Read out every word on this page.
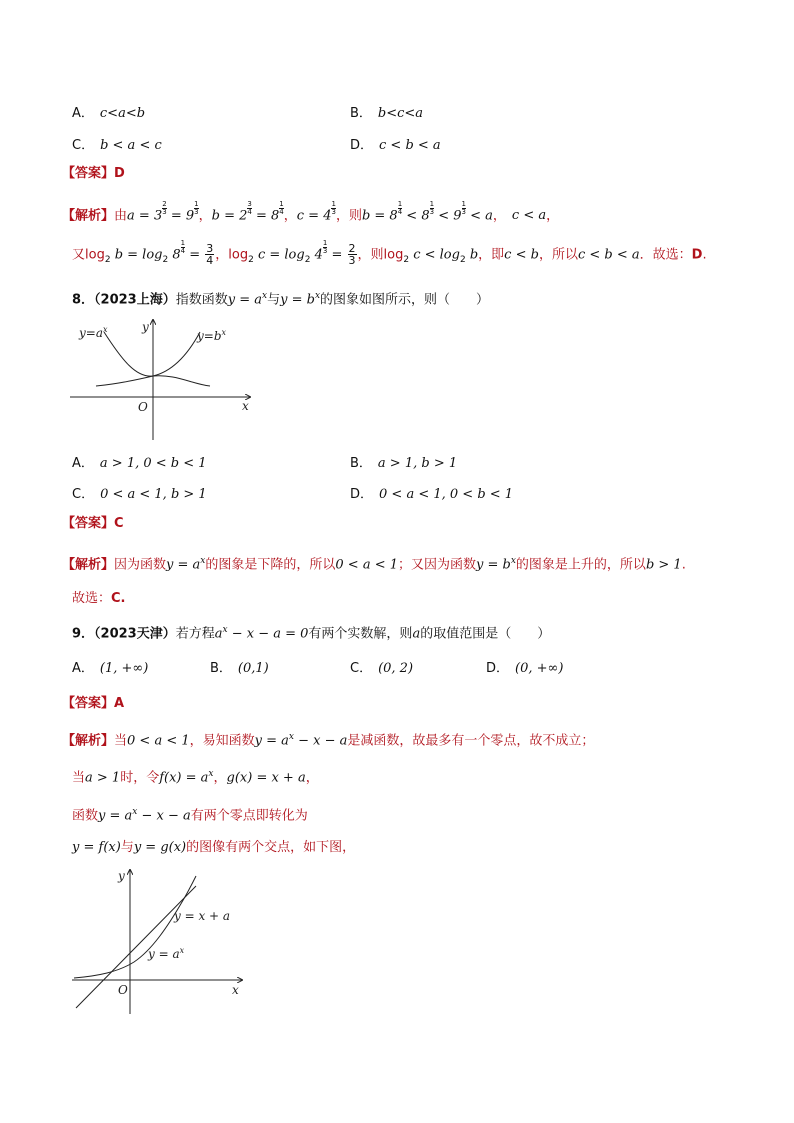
A． c<a<b	B． b<c<a
C． b < a < c	D． c < b < a
【答案】D
【解析】由$a = 3 \frac{2}{3} = 9 \frac{1}{3}$ ，$b = 2 \frac{3}{4} = 8 \frac{1}{4}$ ，$c = 4 \frac{1}{3}$ ，则$b = 8 \frac{1}{4} < 8 \frac{1}{3} < 9 \frac{1}{3} < a$， c < a，
又$\log_2 b = \log_2 8 \frac{1}{4} = \frac{3}{4}$ ，$\log_2 c = \log_2 4 \frac{1}{3} = \frac{2}{3}$ ，则$\log_2 c < \log_2 b$，即c < b，所以c < b < a．故选：D.
8．（2023上海）指数函数$y = a^x$与$y = b^x$的图象如图所示，则（　　）
$y=a^x$	$y=b^x$
y
x
O
A． a > 1, 0 < b < 1	B． a > 1, b > 1
C． 0 < a < 1, b > 1	D． 0 < a < 1, 0 < b < 1
【答案】C
【解析】因为函数$y = a^x$的图象是下降的，所以0 < a < 1；又因为函数$y = b^x$的图象是上升的，所以b > 1.
故选：C.
9．（2023天津）若方程$a^x - x - a = 0$有两个实数解，则a的取值范围是（　　）
A． (1, +∞)	B． (0,1)	C． (0, 2)	D． (0, +∞)
【答案】A
【解析】当0 < a < 1，易知函数$y = a^x - x - a$是减函数，故最多有一个零点，故不成立；
当a > 1时，令$f(x) = a^x$，g(x) = x + a，
函数$y = a^x - x - a$有两个零点即转化为
y = f(x)与y = g(x)的图像有两个交点，如下图，
y = x + a
$y = a^x$
y
x
O
